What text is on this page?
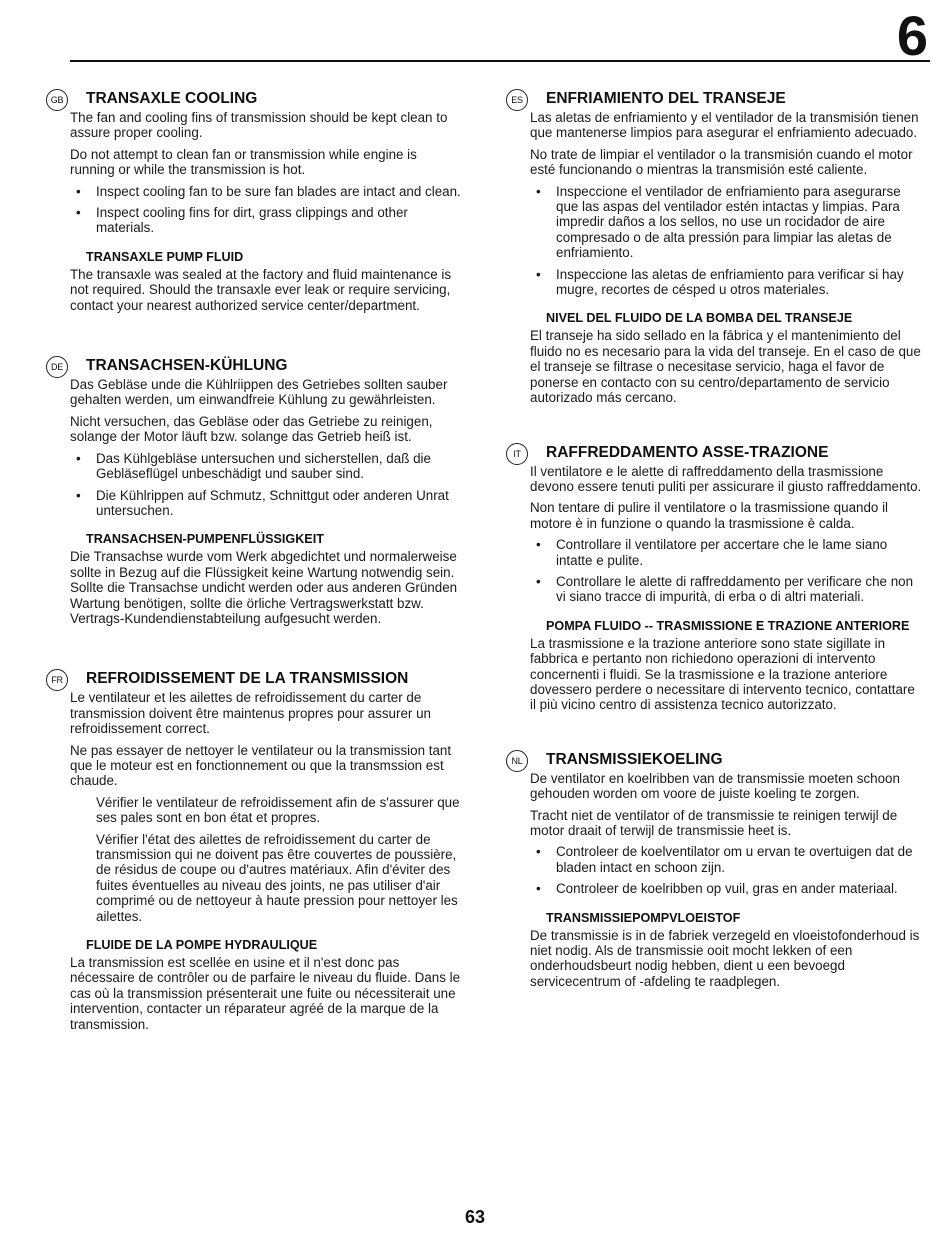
6
GB	TRANSAXLE COOLING

The fan and cooling fins of transmission should be kept clean to assure proper cooling.

Do not attempt to clean fan or transmission while engine is running or while the transmission is hot.

• Inspect cooling fan to be sure fan blades are intact and clean.
• Inspect cooling fins for dirt, grass clippings and other materials.
TRANSAXLE PUMP FLUID

The transaxle was sealed at the factory and fluid maintenance is not required. Should the transaxle ever leak or require servicing, contact your nearest authorized service center/department.

DE	TRANSACHSEN-KÜHLUNG

Das Gebläse unde die Kühlriippen des Getriebes sollten sauber gehalten werden, um einwandfreie Kühlung zu gewährleisten.

Nicht versuchen, das Gebläse oder das Getriebe zu reinigen, solange der Motor läuft bzw. solange das Getrieb heiß ist.

• Das Kühlgebläse untersuchen und sicherstellen, daß die Gebläseflügel unbeschädigt und sauber sind.
• Die Kühlrippen auf Schmutz, Schnittgut oder anderen Unrat untersuchen.
TRANSACHSEN-PUMPENFLÜSSIGKEIT

Die Transachse wurde vom Werk abgedichtet und normalerweise sollte in Bezug auf die Flüssigkeit keine Wartung notwendig sein. Sollte die Transachse undicht werden oder aus anderen Gründen Wartung benötigen, sollte die örliche Vertragswerkstatt bzw. Vertrags-Kundendienstabteilung aufgesucht werden.

FR	REFROIDISSEMENT DE LA TRANSMISSION

Le ventilateur et les ailettes de refroidissement du carter de transmission doivent être maintenus propres pour assurer un refroidissement correct.

Ne pas essayer de nettoyer le ventilateur ou la transmission tant que le moteur est en fonctionnement ou que la transmssion est chaude.

Vérifier le ventilateur de refroidissement afin de s'assurer que ses pales sont en bon état et propres.
Vérifier l'état des ailettes de refroidissement du carter de transmission qui ne doivent pas être couvertes de poussière, de résidus de coupe ou d'autres matériaux. Afin d'éviter des fuites éventuelles au niveau des joints, ne pas utiliser d'air comprimé ou de nettoyeur à haute pression pour nettoyer les ailettes.
FLUIDE DE LA POMPE HYDRAULIQUE

La transmission est scellée en usine et il n'est donc pas nécessaire de contrôler ou de parfaire le niveau du fluide. Dans le cas où la transmission présenterait une fuite ou nécessiterait une intervention, contacter un réparateur agréé de la marque de la transmission.

ES	ENFRIAMIENTO DEL TRANSEJE

Las aletas de enfriamiento y el ventilador de la transmisión tienen que mantenerse limpios para asegurar el enfriamiento adecuado.

No trate de limpiar el ventilador o la transmisión cuando el motor esté funcionando o mientras la transmisión esté caliente.

• Inspeccione el ventilador de enfriamiento para asegurarse que las aspas del ventilador estén intactas y limpias. Para impredir daños a los sellos, no use un rocidador de aire compresado o de alta pressión para limpiar las aletas de enfriamiento.
• Inspeccione las aletas de enfriamiento para verificar si hay mugre, recortes de césped u otros materiales.
NIVEL DEL FLUIDO DE LA BOMBA DEL TRANSEJE

El transeje ha sido sellado en la fábrica y el mantenimiento del fluido no es necesario para la vida del transeje. En el caso de que el transeje se filtrase o necesitase servicio, haga el favor de ponerse en contacto con su centro/departamento de servicio autorizado más cercano.

IT	RAFFREDDAMENTO ASSE-TRAZIONE

Il ventilatore e le alette di raffreddamento della trasmissione devono essere tenuti puliti per assicurare il giusto raffreddamento.

Non tentare di pulire il ventilatore o la trasmissione quando il motore è in funzione o quando la trasmissione è calda.

• Controllare il ventilatore per accertare che le lame siano intatte e pulite.
• Controllare le alette di raffreddamento per verificare che non vi siano tracce di impurità, di erba o di altri materiali.
POMPA FLUIDO -- TRASMISSIONE E TRAZIONE ANTERIORE

La trasmissione e la trazione anteriore sono state sigillate in fabbrica e pertanto non richiedono operazioni di intervento concernenti i fluidi. Se la trasmissione e la trazione anteriore dovessero perdere o necessitare di intervento tecnico, contattare il più vicino centro di assistenza tecnico autorizzato.

NL	TRANSMISSIEKOELING

De ventilator en koelribben van de transmissie moeten schoon gehouden worden om voore de juiste koeling te zorgen.

Tracht niet de ventilator of de transmissie te reinigen terwijl de motor draait of terwijl de transmissie heet is.

• Controleer de koelventilator om u ervan te overtuigen dat de bladen intact en schoon zijn.
• Controleer de koelribben op vuil, gras en ander materiaal.
TRANSMISSIEPOMPVLOEISTOF

De transmissie is in de fabriek verzegeld en vloeistofonderhoud is niet nodig. Als de transmissie ooit mocht lekken of een onderhoudsbeurt nodig hebben, dient u een bevoegd servicecentrum of -afdeling te raadplegen.

63
